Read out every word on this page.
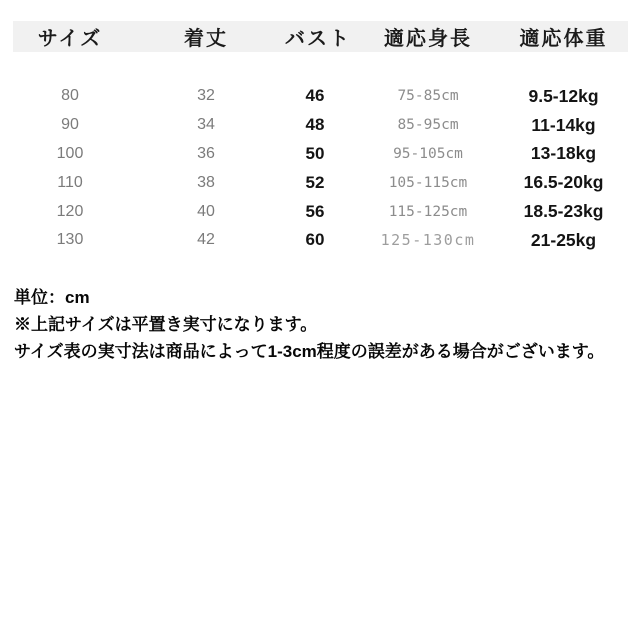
サイズ	着丈	バスト	適応身長	適応体重
80	32	46	75-85cm	9.5-12kg
90	34	48	85-95cm	11-14kg
100	36	50	95-105cm	13-18kg
110	38	52	105-115cm	16.5-20kg
120	40	56	115-125cm	18.5-23kg
130	42	60	125-130cm	21-25kg
単位：cm
※上記サイズは平置き実寸になります。
サイズ表の実寸法は商品によって1-3cm程度の誤差がある場合がございます。
